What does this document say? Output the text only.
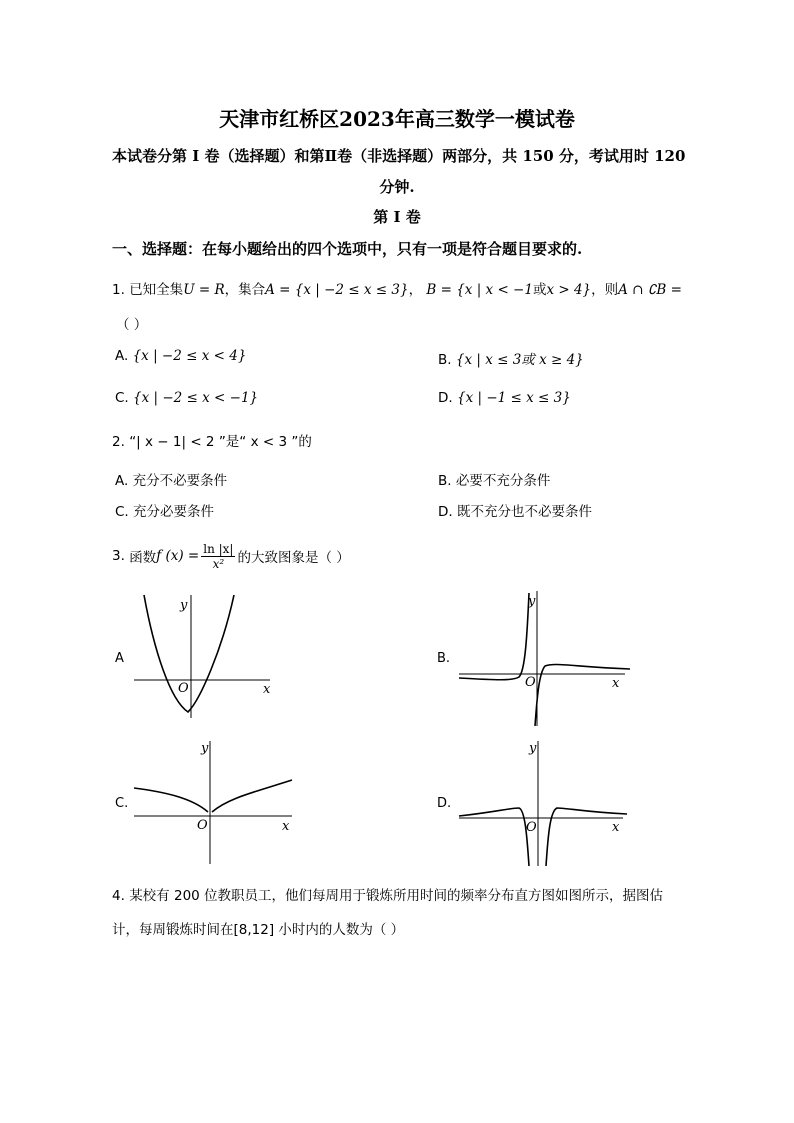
天津市红桥区2023年高三数学一模试卷
本试卷分第 I 卷（选择题）和第Ⅱ卷（非选择题）两部分，共 150 分，考试用时 120
分钟.
第 I 卷
一、选择题：在每小题给出的四个选项中，只有一项是符合题目要求的.
1. 已知全集U = R，集合A = {x | −2 ≤ x ≤ 3}， B = {x | x < −1或x > 4}，则A ∩ ∁B =
（ ）
A. {x | −2 ≤ x < 4}	B. {x | x ≤ 3或 x ≥ 4}
C. {x | −2 ≤ x < −1}	D. {x | −1 ≤ x ≤ 3}
2. “| x − 1| < 2 ”是“ x < 3 ”的
A. 充分不必要条件	B. 必要不充分条件
C. 充分必要条件	D. 既不充分也不必要条件
3.
函数 f $(x) = \frac{\ln |x|}{\text{x²}}$ 的大致图象是（ ）
A	B.
C.	D.
O	x
y
O	x
y
O	x
y
O	x
y
4. 某校有 200 位教职员工，他们每周用于锻炼所用时间的频率分布直方图如图所示，据图估
计，每周锻炼时间在[8,12] 小时内的人数为（ ）
